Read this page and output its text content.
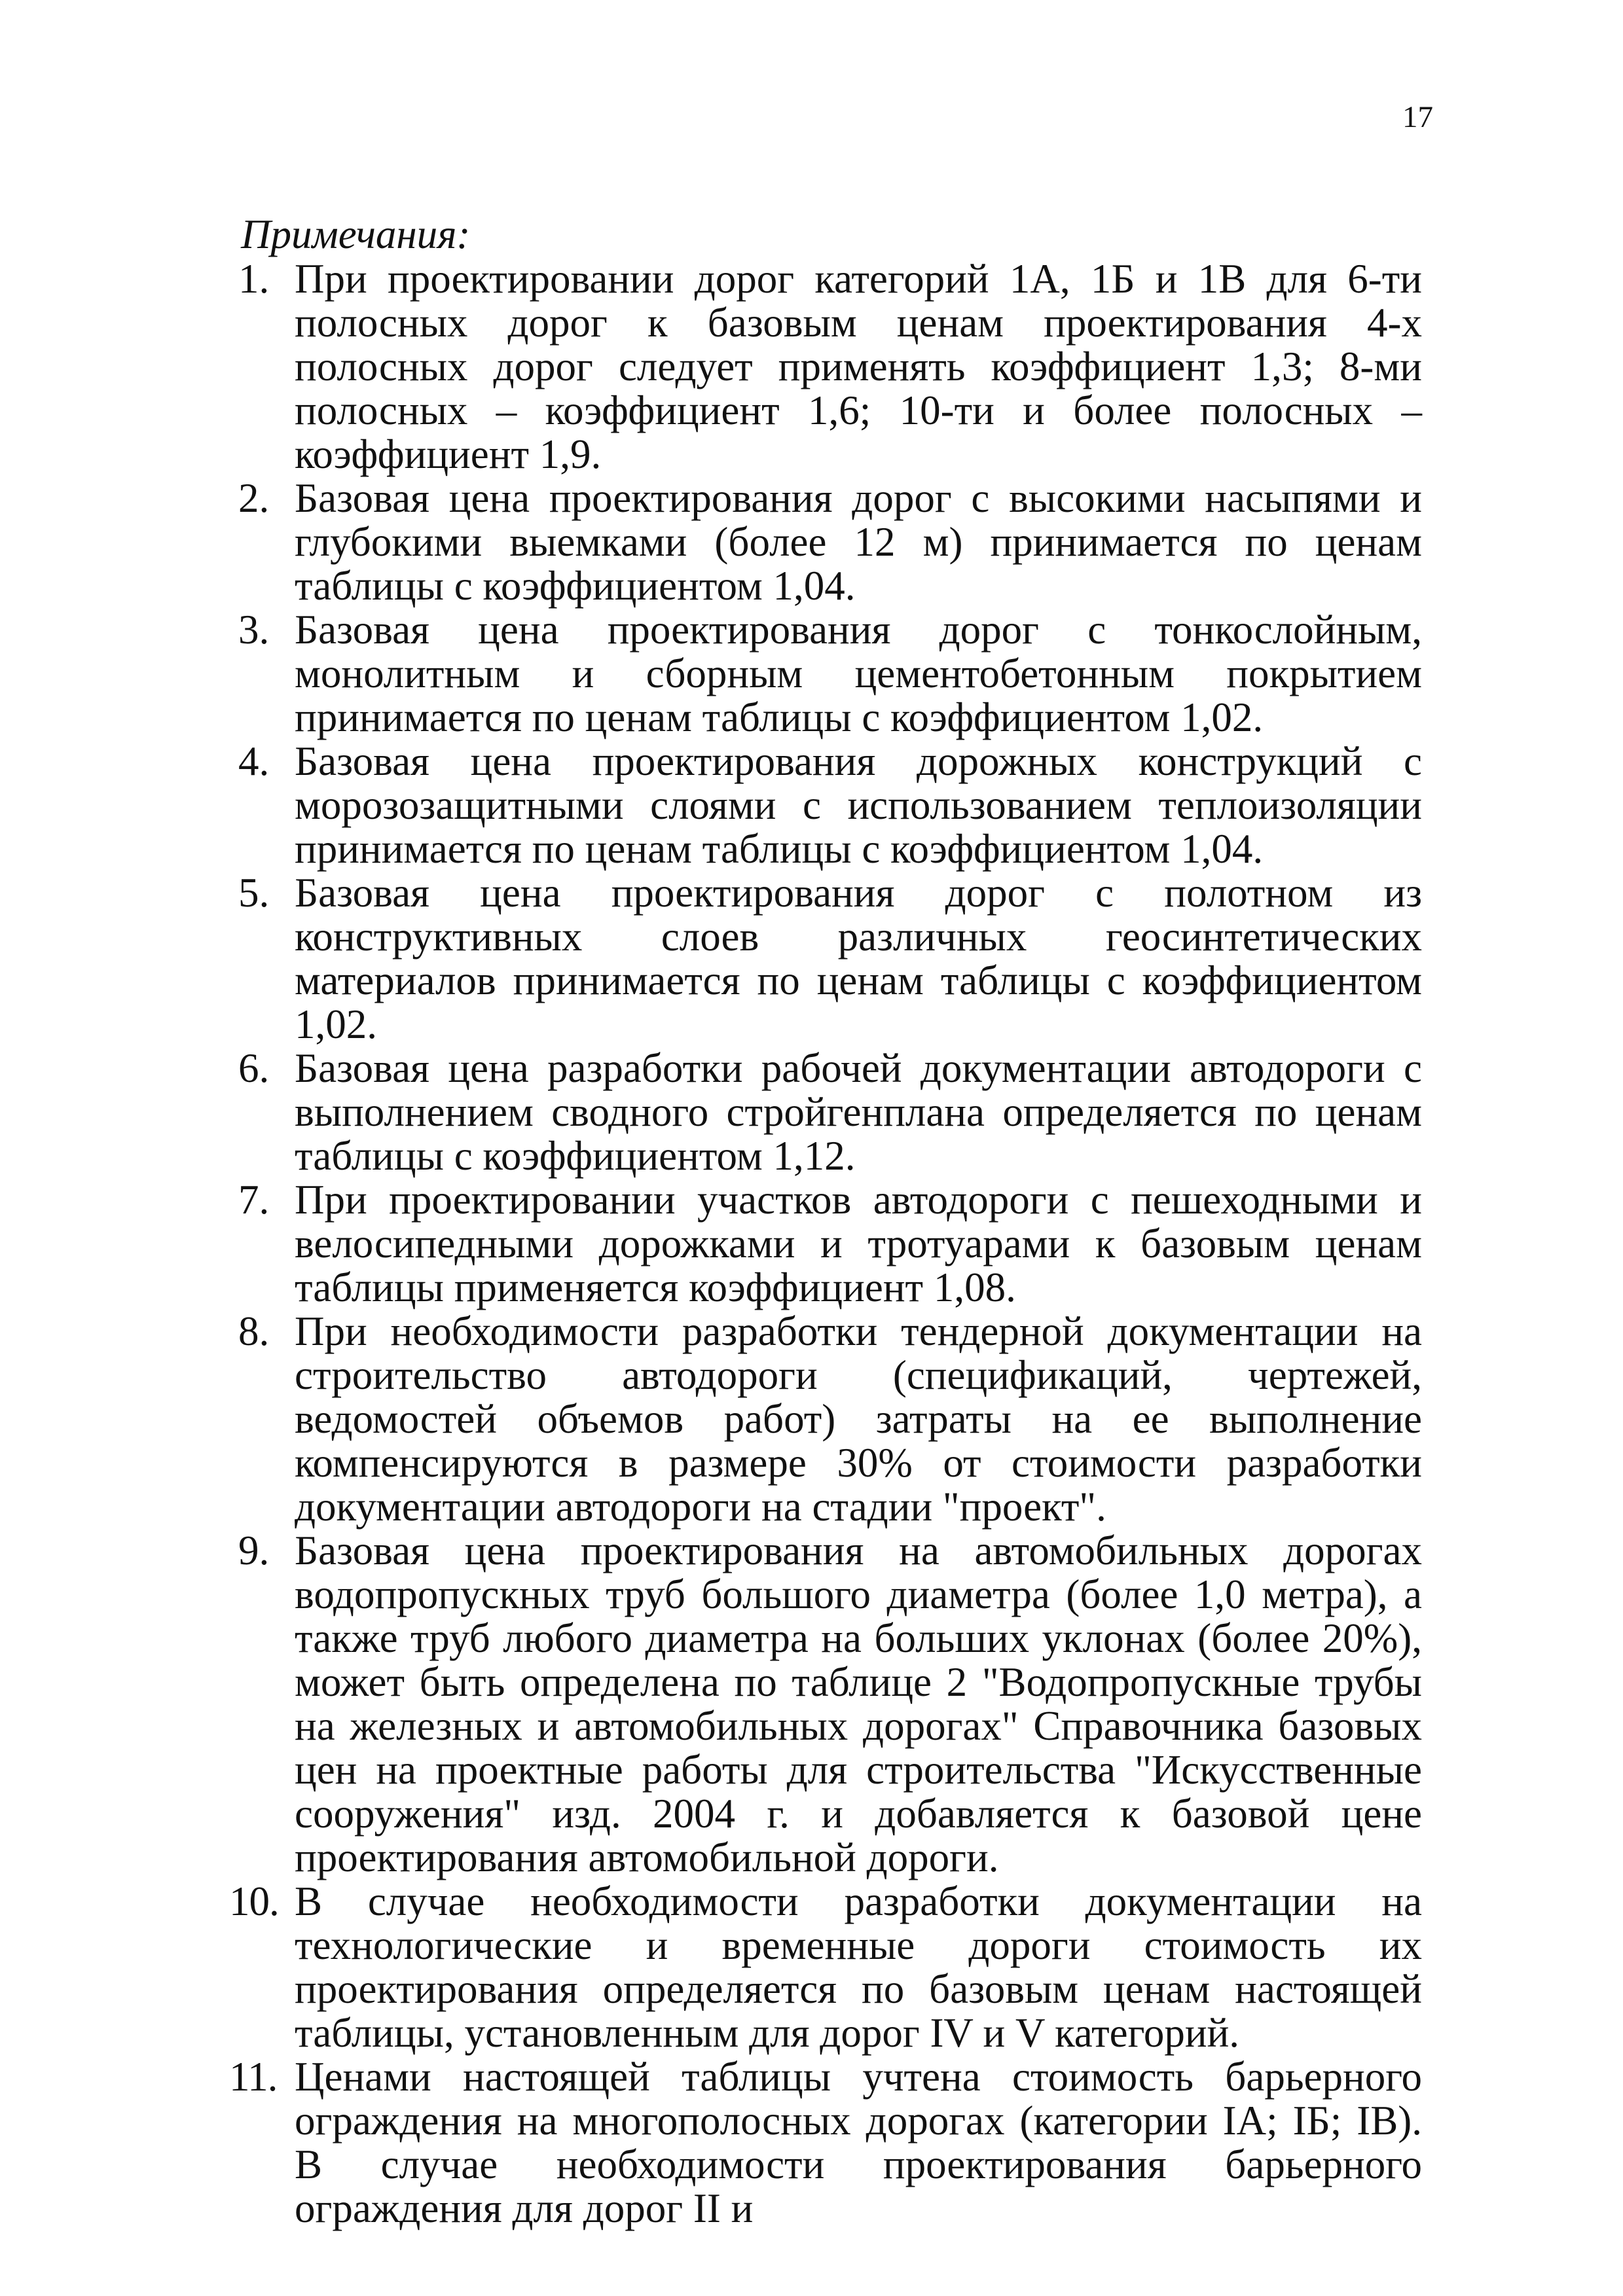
17
Примечания:
1. При проектировании дорог категорий 1А, 1Б и 1В для 6-ти полосных дорог к базовым ценам проектирования 4-х полосных дорог следует применять коэффициент 1,3; 8-ми полосных – коэффициент 1,6; 10-ти и более полосных – коэффициент 1,9.
2. Базовая цена проектирования дорог с высокими насыпями и глубокими выемками (более 12 м) принимается по ценам таблицы с коэффициентом 1,04.
3. Базовая цена проектирования дорог с тонкослойным, монолитным и сборным цементобетонным покрытием принимается по ценам таблицы с коэффициентом 1,02.
4. Базовая цена проектирования дорожных конструкций с морозозащитными слоями с использованием теплоизоляции принимается по ценам таблицы с коэффициентом 1,04.
5. Базовая цена проектирования дорог с полотном из конструктивных слоев различных геосинтетических материалов принимается по ценам таблицы с коэффициентом 1,02.
6. Базовая цена разработки рабочей документации автодороги с выполнением сводного стройгенплана определяется по ценам таблицы с коэффициентом 1,12.
7. При проектировании участков автодороги с пешеходными и велосипедными дорожками и тротуарами к базовым ценам таблицы применяется коэффициент 1,08.
8. При необходимости разработки тендерной документации на строительство автодороги (спецификаций, чертежей, ведомостей объемов работ) затраты на ее выполнение компенсируются в размере 30% от стоимости разработки документации автодороги на стадии "проект".
9. Базовая цена проектирования на автомобильных дорогах водопропускных труб большого диаметра (более 1,0 метра), а также труб любого диаметра на больших уклонах (более 20%), может быть определена по таблице 2 "Водопропускные трубы на железных и автомобильных дорогах" Справочника базовых цен на проектные работы для строительства "Искусственные сооружения" изд. 2004 г. и добавляется к базовой цене проектирования автомобильной дороги.
10. В случае необходимости разработки документации на технологические и временные дороги стоимость их проектирования определяется по базовым ценам настоящей таблицы, установленным для дорог IV и V категорий.
11. Ценами настоящей таблицы учтена стоимость барьерного ограждения на многополосных дорогах (категории IА; IБ; IВ). В случае необходимости проектирования барьерного ограждения для дорог II и
